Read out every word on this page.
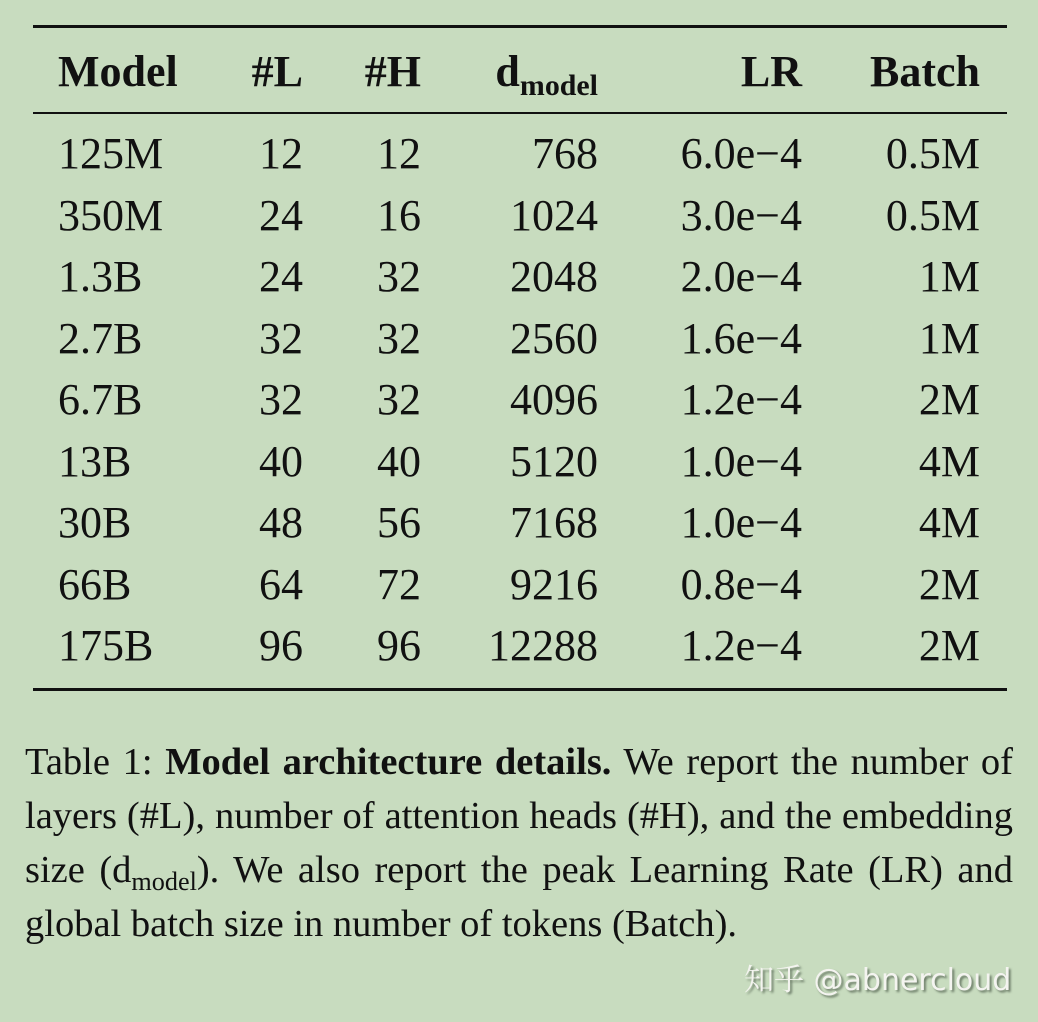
Model	#L	#H	$d_{model}$	LR	Batch
125M	12	12	768	6.0e−4	0.5M
350M	24	16	1024	3.0e−4	0.5M
1.3B	24	32	2048	2.0e−4	1M
2.7B	32	32	2560	1.6e−4	1M
6.7B	32	32	4096	1.2e−4	2M
13B	40	40	5120	1.0e−4	4M
30B	48	56	7168	1.0e−4	4M
66B	64	72	9216	0.8e−4	2M
175B	96	96	12288	1.2e−4	2M
Table 1: Model architecture details. We report the number of layers (#L), number of attention heads (#H), and the embedding size $(d_{model})$. We also report the peak Learning Rate (LR) and global batch size in number of tokens (Batch).
知乎 @abnercloud
